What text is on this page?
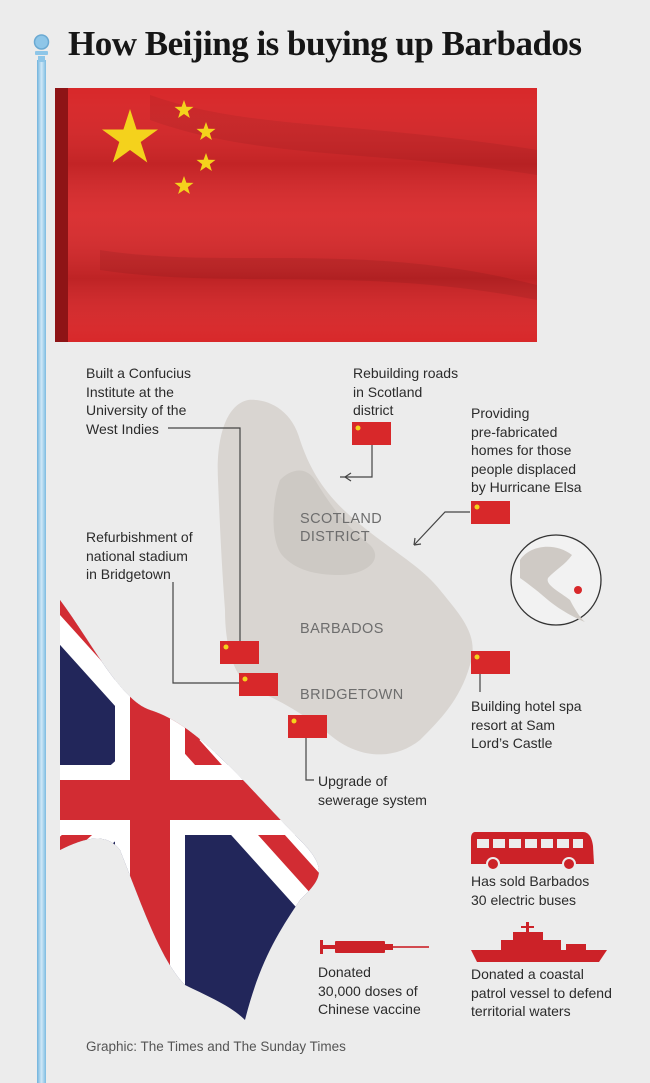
How Beijing is buying up Barbados
SCOTLAND
DISTRICT
BARBADOS
BRIDGETOWN
Built a Confucius
Institute at the
University of the
West Indies
Rebuilding roads
in Scotland
district	Providing
pre-fabricated
homes for those
people displaced
by Hurricane Elsa
Refurbishment of
national stadium
in Bridgetown
Building hotel spa
resort at Sam
Lord’s Castle
Upgrade of
sewerage system
Has sold Barbados
30 electric buses
Donated
30,000 doses of
Chinese vaccine
Donated a coastal
patrol vessel to defend
territorial waters
Graphic: The Times and The Sunday Times
